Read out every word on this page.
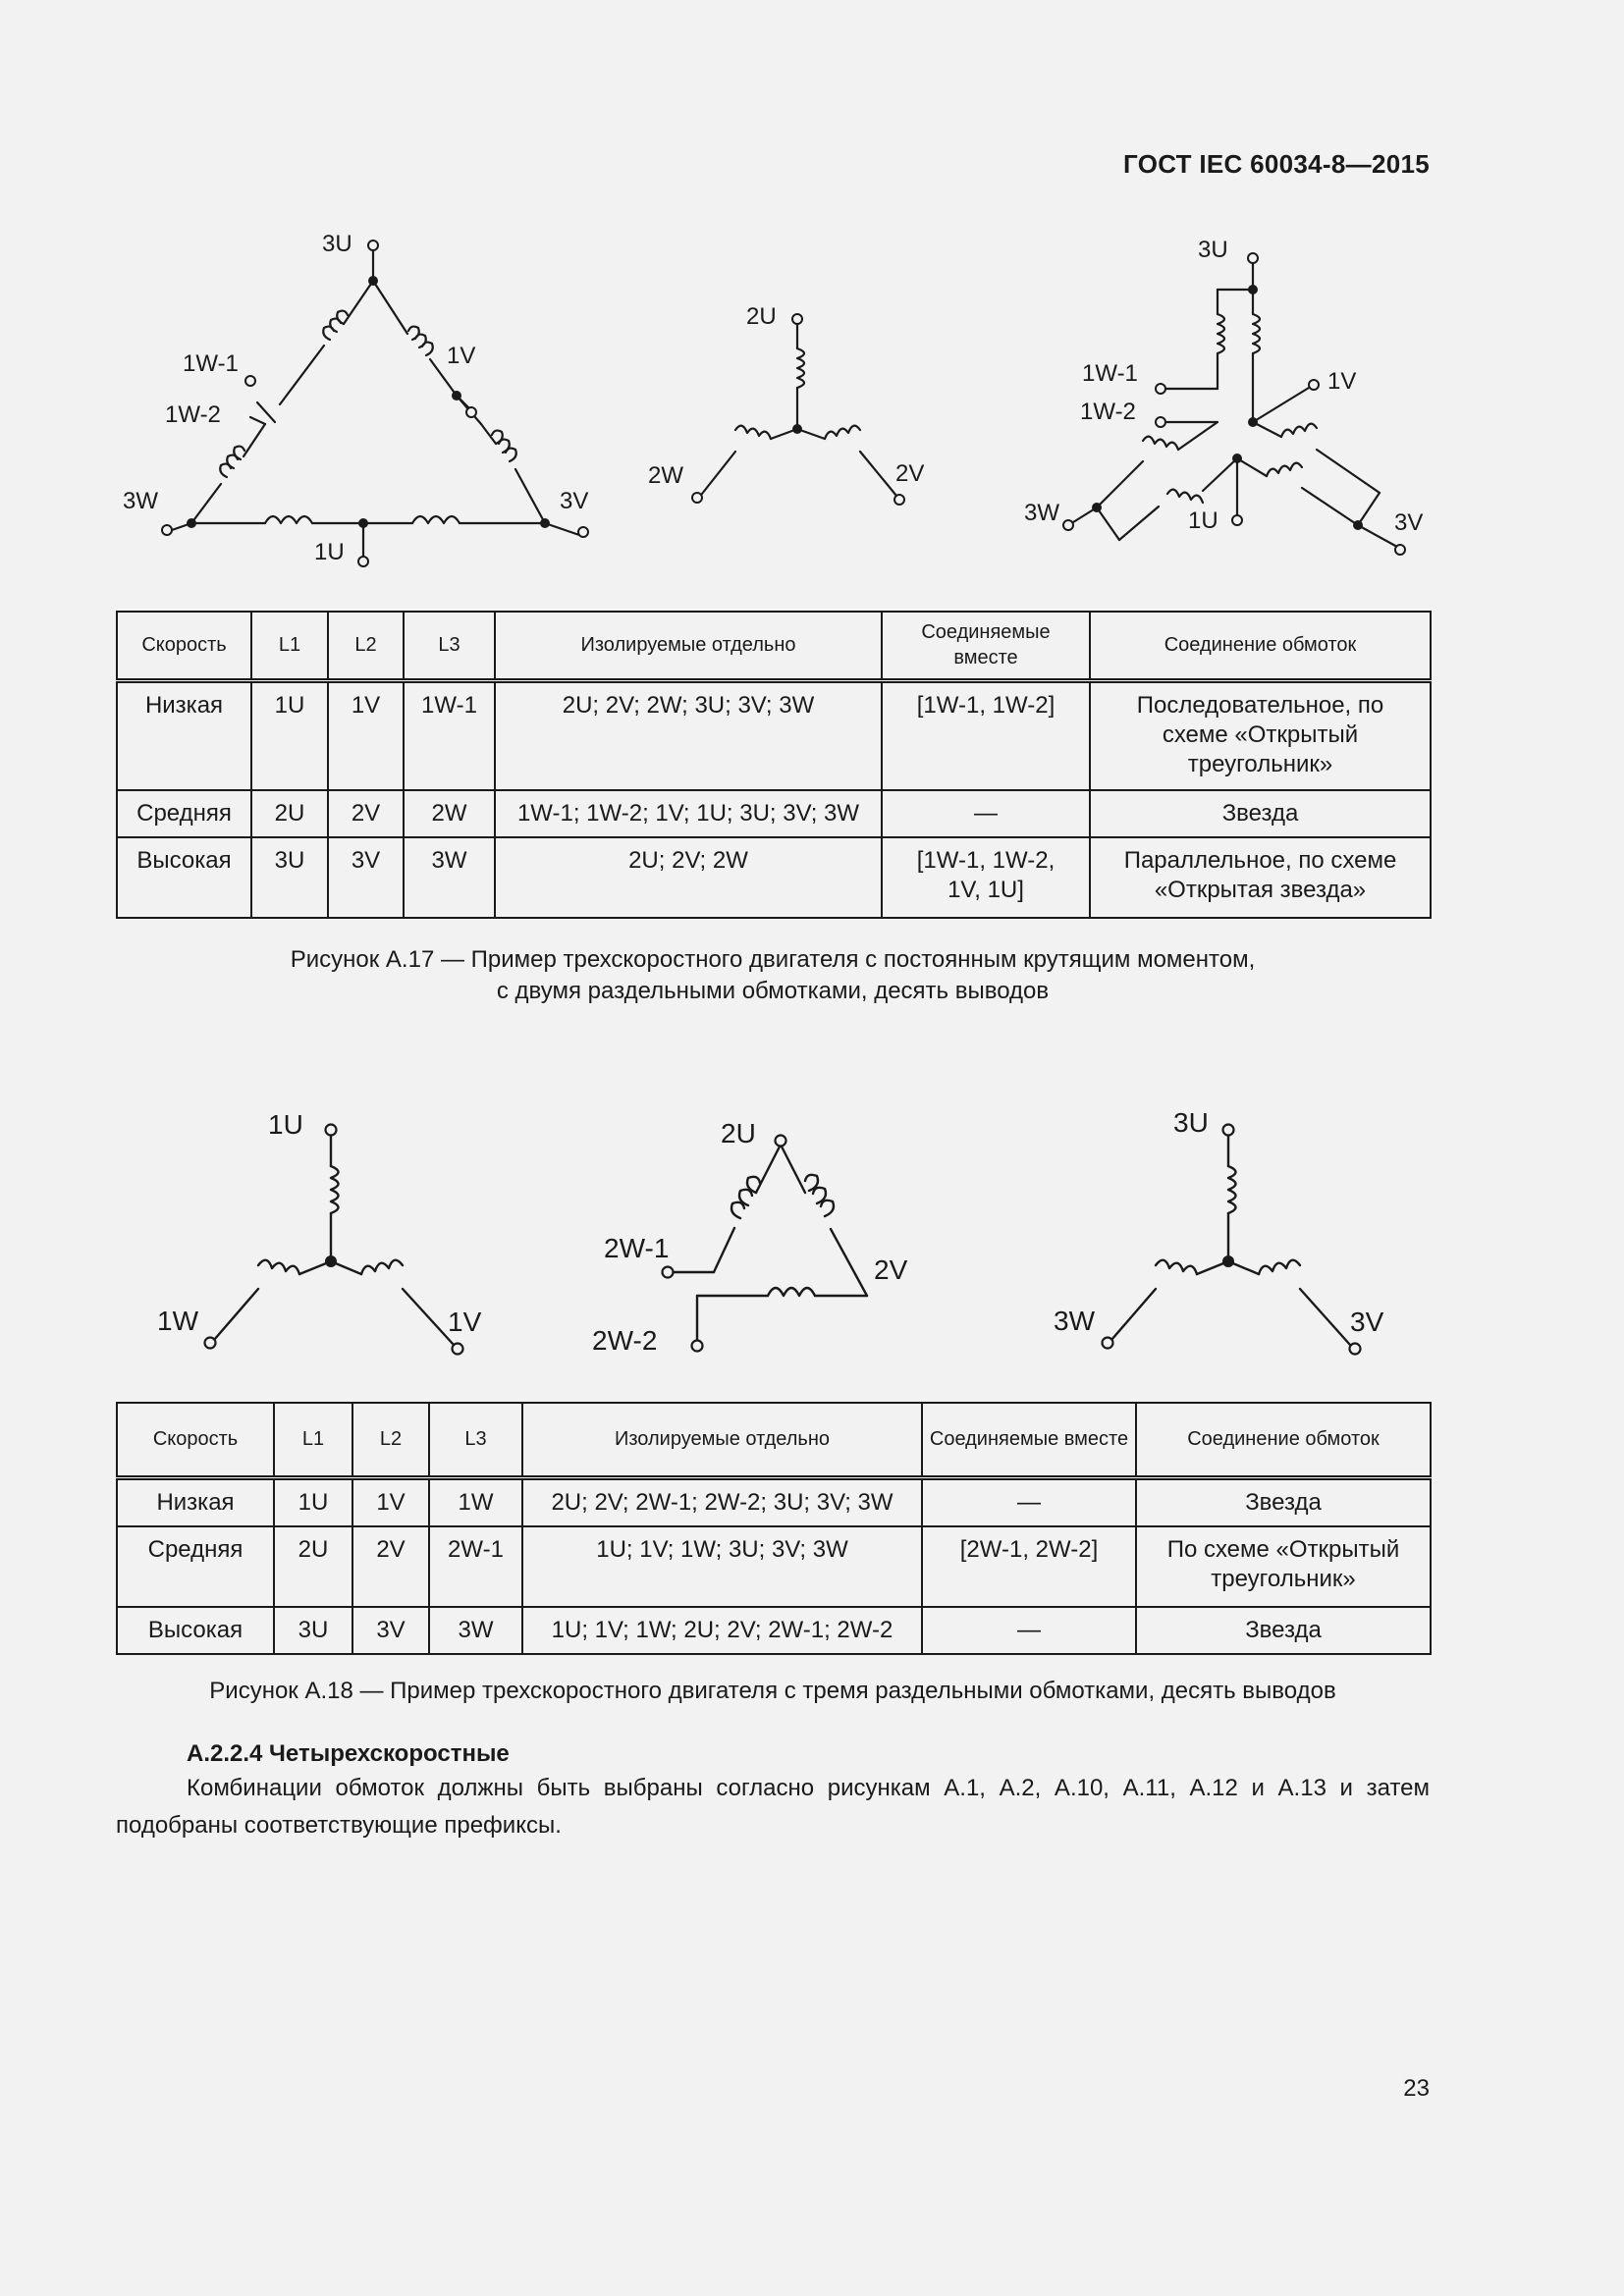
ГОСТ IEC 60034-8—2015
3U
1W-1
1W-2
1V
3W	3V
1U
2U
2W	2V
3U
1W-1
1W-2
1V
3W	1U	3V
Скорость	L1	L2	L3	Изолируемые отдельно	Соединяемые вместе	Соединение обмоток
Низкая	1U	1V	1W-1	2U; 2V; 2W; 3U; 3V; 3W	[1W-1, 1W-2]	Последовательное, по схеме «Открытый треугольник»
Средняя	2U	2V	2W	1W-1; 1W-2; 1V; 1U; 3U; 3V; 3W	—	Звезда
Высокая	3U	3V	3W	2U; 2V; 2W	[1W-1, 1W-2, 1V, 1U]	Параллельное, по схеме «Открытая звезда»
Рисунок А.17 — Пример трехскоростного двигателя с постоянным крутящим моментом,
с двумя раздельными обмотками, десять выводов
1U
1W	1V
2U
2W-1
2V
2W-2
3U
3W	3V
Скорость	L1	L2	L3	Изолируемые отдельно	Соединяемые вместе	Соединение обмоток
Низкая	1U	1V	1W	2U; 2V; 2W-1; 2W-2; 3U; 3V; 3W	—	Звезда
Средняя	2U	2V	2W-1	1U; 1V; 1W; 3U; 3V; 3W	[2W-1, 2W-2]	По схеме «Открытый треугольник»
Высокая	3U	3V	3W	1U; 1V; 1W; 2U; 2V; 2W-1; 2W-2	—	Звезда
Рисунок А.18 — Пример трехскоростного двигателя с тремя раздельными обмотками, десять выводов
А.2.2.4 Четырехскоростные
Комбинации обмоток должны быть выбраны согласно рисункам А.1, А.2, А.10, А.11, А.12 и А.13 и затем подобраны соответствующие префиксы.
23
